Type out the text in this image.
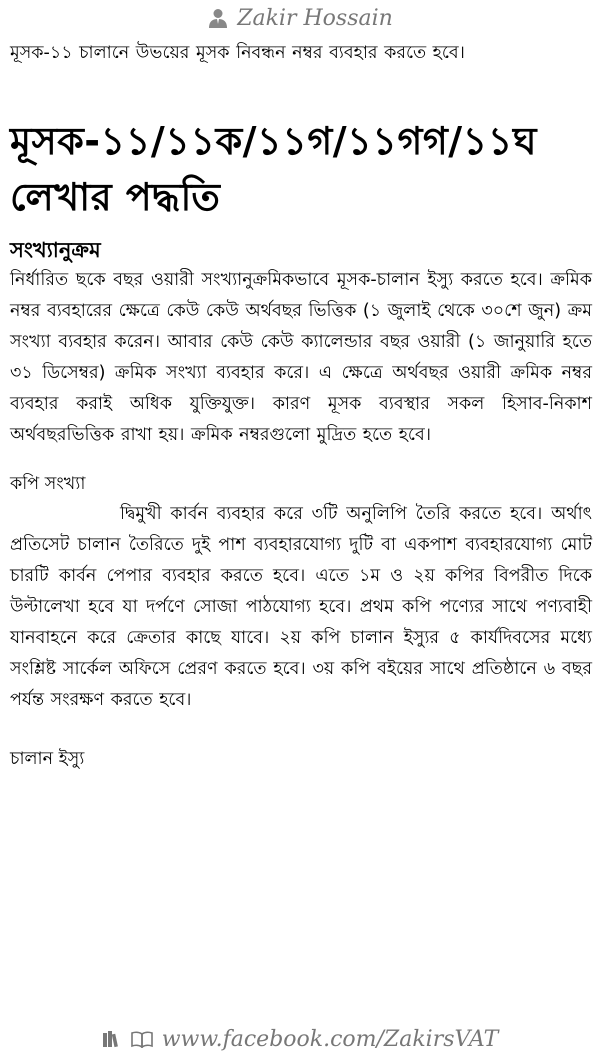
Zakir Hossain

মূসক-১১ চালানে উভয়ের মূসক নিবন্ধন নম্বর ব্যবহার করতে হবে।

মূসক-১১/১১ক/১১গ/১১গগ/১১ঘ লেখার পদ্ধতি
সংখ্যানুক্রম

নির্ধারিত ছকে বছর ওয়ারী সংখ্যানুক্রমিকভাবে মূসক-চালান ইস্যু করতে হবে। ক্রমিক নম্বর ব্যবহারের ক্ষেত্রে কেউ কেউ অর্থবছর ভিত্তিক (১ জুলাই থেকে ৩০শে জুন) ক্রম সংখ্যা ব্যবহার করেন। আবার কেউ কেউ ক্যালেন্ডার বছর ওয়ারী (১ জানুয়ারি হতে ৩১ ডিসেম্বর) ক্রমিক সংখ্যা ব্যবহার করে। এ ক্ষেত্রে অর্থবছর ওয়ারী ক্রমিক নম্বর ব্যবহার করাই অধিক যুক্তিযুক্ত। কারণ মূসক ব্যবস্থার সকল হিসাব-নিকাশ অর্থবছরভিত্তিক রাখা হয়। ক্রমিক নম্বরগুলো মুদ্রিত হতে হবে।

কপি সংখ্যা

দ্বিমুখী কার্বন ব্যবহার করে ৩টি অনুলিপি তৈরি করতে হবে। অর্থাৎ প্রতিসেট চালান তৈরিতে দুই পাশ ব্যবহারযোগ্য দুটি বা একপাশ ব্যবহারযোগ্য মোট চারটি কার্বন পেপার ব্যবহার করতে হবে। এতে ১ম ও ২য় কপির বিপরীত দিকে উল্টালেখা হবে যা দর্পণে সোজা পাঠযোগ্য হবে। প্রথম কপি পণ্যের সাথে পণ্যবাহী যানবাহনে করে ক্রেতার কাছে যাবে। ২য় কপি চালান ইস্যুর ৫ কার্যদিবসের মধ্যে সংশ্লিষ্ট সার্কেল অফিসে প্রেরণ করতে হবে। ৩য় কপি বইয়ের সাথে প্রতিষ্ঠানে ৬ বছর পর্যন্ত সংরক্ষণ করতে হবে।

চালান ইস্যু
www.facebook.com/ZakirsVAT
